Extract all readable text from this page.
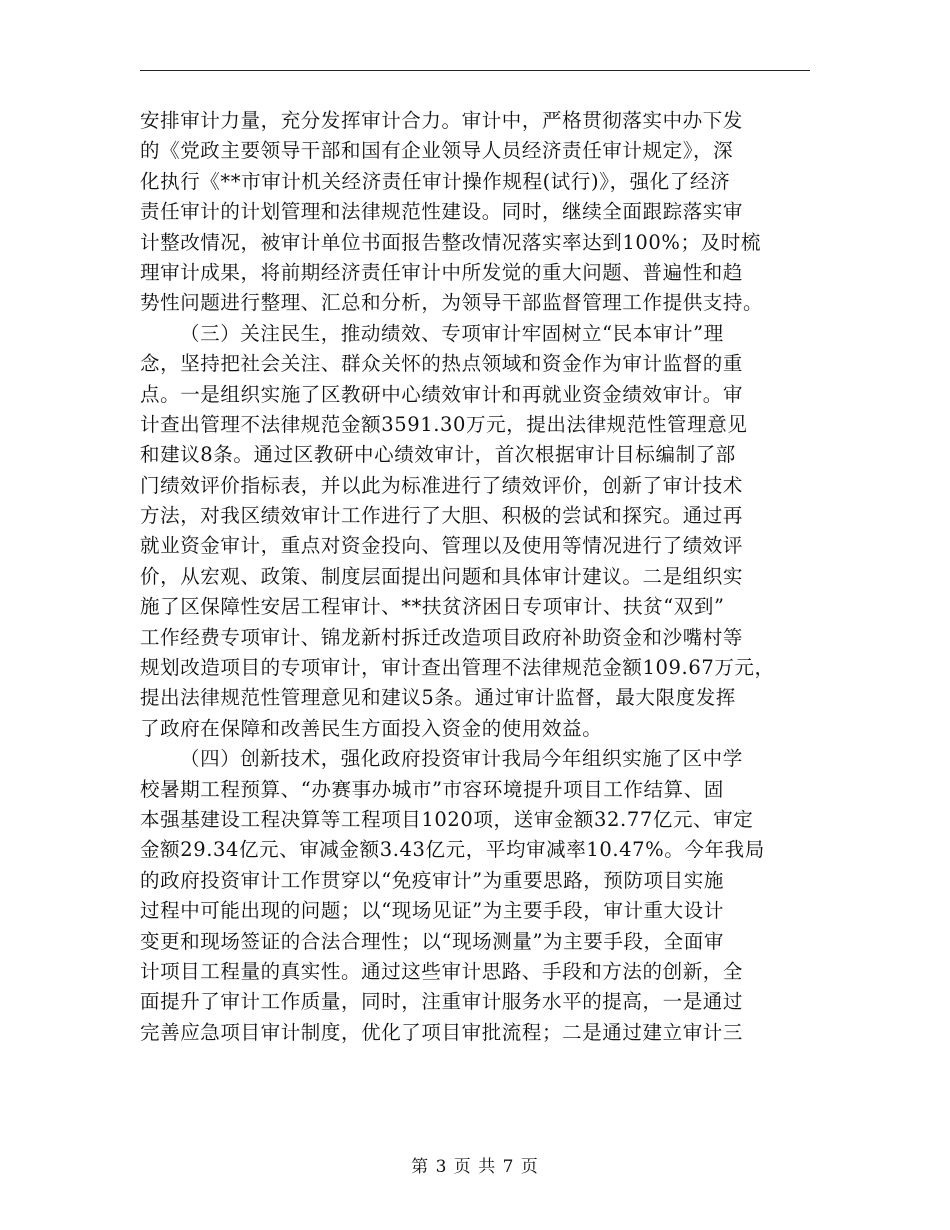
安排审计力量，充分发挥审计合力。审计中，严格贯彻落实中办下发
的《党政主要领导干部和国有企业领导人员经济责任审计规定》，深
化执行《**市审计机关经济责任审计操作规程(试行)》，强化了经济
责任审计的计划管理和法律规范性建设。同时，继续全面跟踪落实审
计整改情况，被审计单位书面报告整改情况落实率达到100%；及时梳
理审计成果，将前期经济责任审计中所发觉的重大问题、普遍性和趋
势性问题进行整理、汇总和分析，为领导干部监督管理工作提供支持。
（三）关注民生，推动绩效、专项审计牢固树立“民本审计”理
念，坚持把社会关注、群众关怀的热点领域和资金作为审计监督的重
点。一是组织实施了区教研中心绩效审计和再就业资金绩效审计。审
计查出管理不法律规范金额3591.30万元，提出法律规范性管理意见
和建议8条。通过区教研中心绩效审计，首次根据审计目标编制了部
门绩效评价指标表，并以此为标准进行了绩效评价，创新了审计技术
方法，对我区绩效审计工作进行了大胆、积极的尝试和探究。通过再
就业资金审计，重点对资金投向、管理以及使用等情况进行了绩效评
价，从宏观、政策、制度层面提出问题和具体审计建议。二是组织实
施了区保障性安居工程审计、**扶贫济困日专项审计、扶贫“双到”
工作经费专项审计、锦龙新村拆迁改造项目政府补助资金和沙嘴村等
规划改造项目的专项审计，审计查出管理不法律规范金额109.67万元，
提出法律规范性管理意见和建议5条。通过审计监督，最大限度发挥
了政府在保障和改善民生方面投入资金的使用效益。
（四）创新技术，强化政府投资审计我局今年组织实施了区中学
校暑期工程预算、“办赛事办城市”市容环境提升项目工作结算、固
本强基建设工程决算等工程项目1020项，送审金额32.77亿元、审定
金额29.34亿元、审减金额3.43亿元，平均审减率10.47%。今年我局
的政府投资审计工作贯穿以“免疫审计”为重要思路，预防项目实施
过程中可能出现的问题；以“现场见证”为主要手段，审计重大设计
变更和现场签证的合法合理性；以“现场测量”为主要手段，全面审
计项目工程量的真实性。通过这些审计思路、手段和方法的创新，全
面提升了审计工作质量，同时，注重审计服务水平的提高，一是通过
完善应急项目审计制度，优化了项目审批流程；二是通过建立审计三
第 3 页 共 7 页
